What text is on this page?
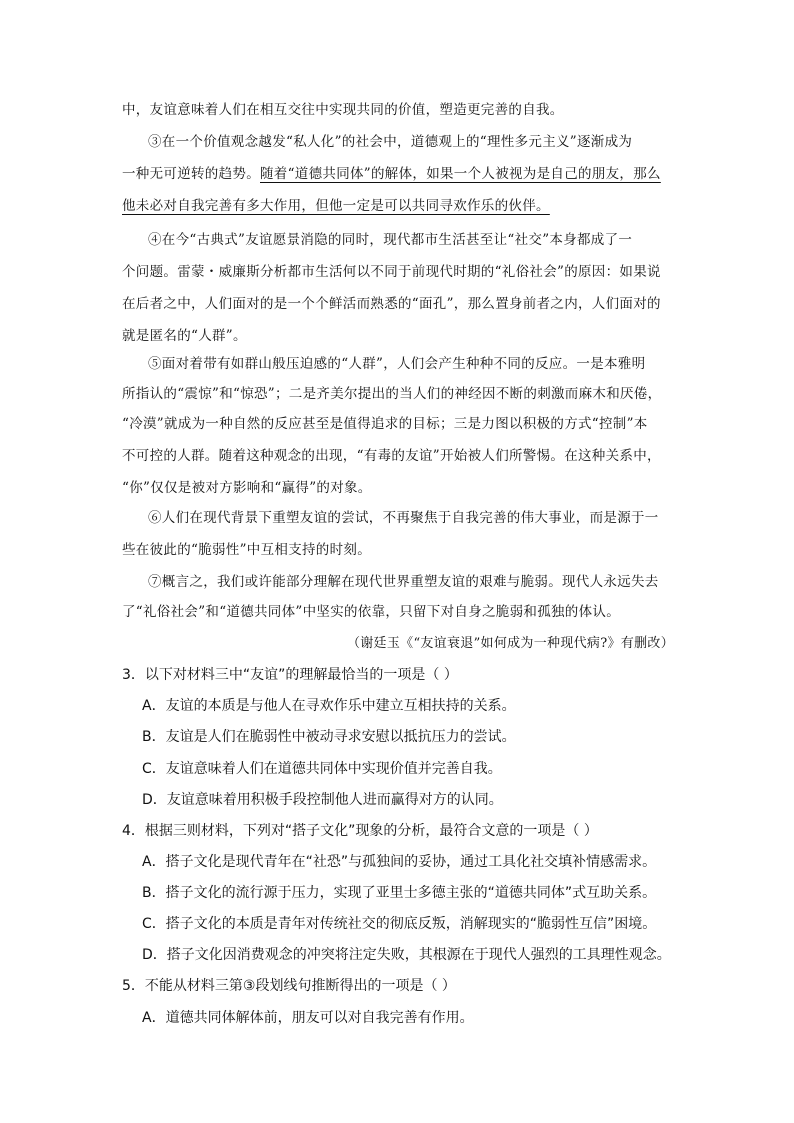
中，友谊意味着人们在相互交往中实现共同的价值，塑造更完善的自我。
③在一个价值观念越发“私人化”的社会中，道德观上的“理性多元主义”逐渐成为
一种无可逆转的趋势。随着“道德共同体”的解体，如果一个人被视为是自己的朋友，那么
他未必对自我完善有多大作用，但他一定是可以共同寻欢作乐的伙伴。
④在今“古典式”友谊愿景消隐的同时，现代都市生活甚至让“社交”本身都成了一
个问题。雷蒙・威廉斯分析都市生活何以不同于前现代时期的“礼俗社会”的原因：如果说
在后者之中，人们面对的是一个个鲜活而熟悉的“面孔”，那么置身前者之内，人们面对的
就是匿名的“人群”。
⑤面对着带有如群山般压迫感的“人群”，人们会产生种种不同的反应。一是本雅明
所指认的“震惊”和“惊恐”；二是齐美尔提出的当人们的神经因不断的刺激而麻木和厌倦，
“冷漠”就成为一种自然的反应甚至是值得追求的目标；三是力图以积极的方式“控制”本
不可控的人群。随着这种观念的出现，“有毒的友谊”开始被人们所警惕。在这种关系中，
“你”仅仅是被对方影响和“赢得”的对象。
⑥人们在现代背景下重塑友谊的尝试，不再聚焦于自我完善的伟大事业，而是源于一
些在彼此的“脆弱性”中互相支持的时刻。
⑦概言之，我们或许能部分理解在现代世界重塑友谊的艰难与脆弱。现代人永远失去
了“礼俗社会”和“道德共同体”中坚实的依靠，只留下对自身之脆弱和孤独的体认。
（谢廷玉《“友谊衰退”如何成为一种现代病?》有删改）
3．以下对材料三中“友谊”的理解最恰当的一项是（ ）
A．友谊的本质是与他人在寻欢作乐中建立互相扶持的关系。
B．友谊是人们在脆弱性中被动寻求安慰以抵抗压力的尝试。
C．友谊意味着人们在道德共同体中实现价值并完善自我。
D．友谊意味着用积极手段控制他人进而赢得对方的认同。
4．根据三则材料，下列对“搭子文化”现象的分析，最符合文意的一项是（ ）
A．搭子文化是现代青年在“社恐”与孤独间的妥协，通过工具化社交填补情感需求。
B．搭子文化的流行源于压力，实现了亚里士多德主张的“道德共同体”式互助关系。
C．搭子文化的本质是青年对传统社交的彻底反叛，消解现实的“脆弱性互信”困境。
D．搭子文化因消费观念的冲突将注定失败，其根源在于现代人强烈的工具理性观念。
5．不能从材料三第③段划线句推断得出的一项是（ ）
A．道德共同体解体前，朋友可以对自我完善有作用。
